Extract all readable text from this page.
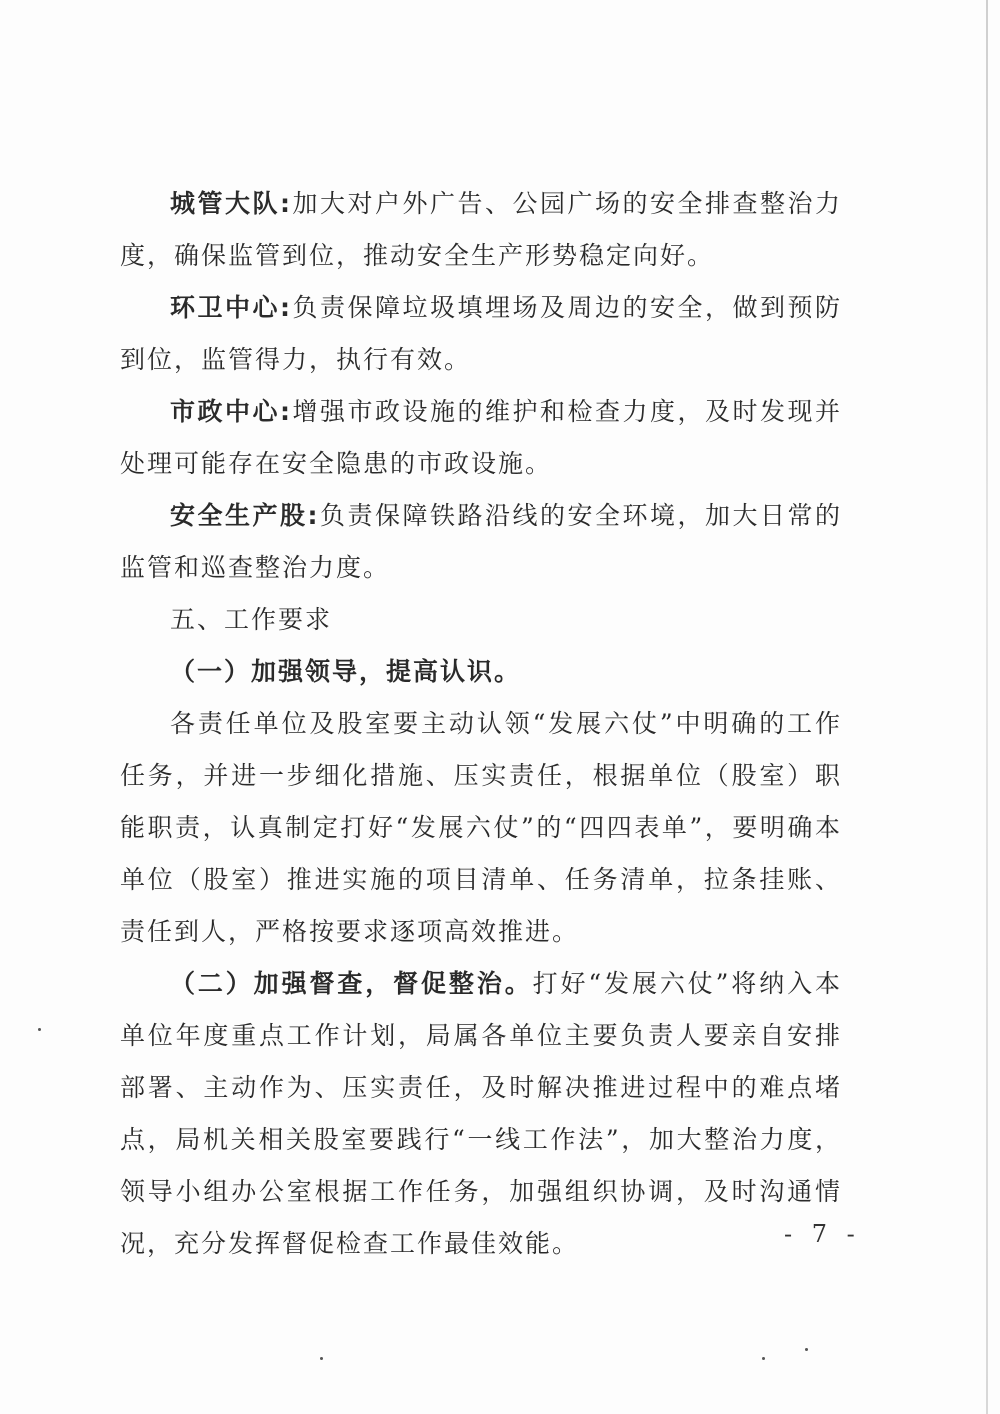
城管大队:加大对户外广告、公园广场的安全排查整治力度，确保监管到位，推动安全生产形势稳定向好。

环卫中心:负责保障垃圾填埋场及周边的安全，做到预防到位，监管得力，执行有效。

市政中心:增强市政设施的维护和检查力度，及时发现并处理可能存在安全隐患的市政设施。

安全生产股:负责保障铁路沿线的安全环境，加大日常的监管和巡查整治力度。

五、工作要求

（一）加强领导，提高认识。

各责任单位及股室要主动认领“发展六仗”中明确的工作任务，并进一步细化措施、压实责任，根据单位（股室）职能职责，认真制定打好“发展六仗”的“四四表单”，要明确本单位（股室）推进实施的项目清单、任务清单，拉条挂账、责任到人，严格按要求逐项高效推进。

（二）加强督查，督促整治。打好“发展六仗”将纳入本单位年度重点工作计划，局属各单位主要负责人要亲自安排部署、主动作为、压实责任，及时解决推进过程中的难点堵点，局机关相关股室要践行“一线工作法”，加大整治力度，领导小组办公室根据工作任务，加强组织协调，及时沟通情况，充分发挥督促检查工作最佳效能。	- 7 -
